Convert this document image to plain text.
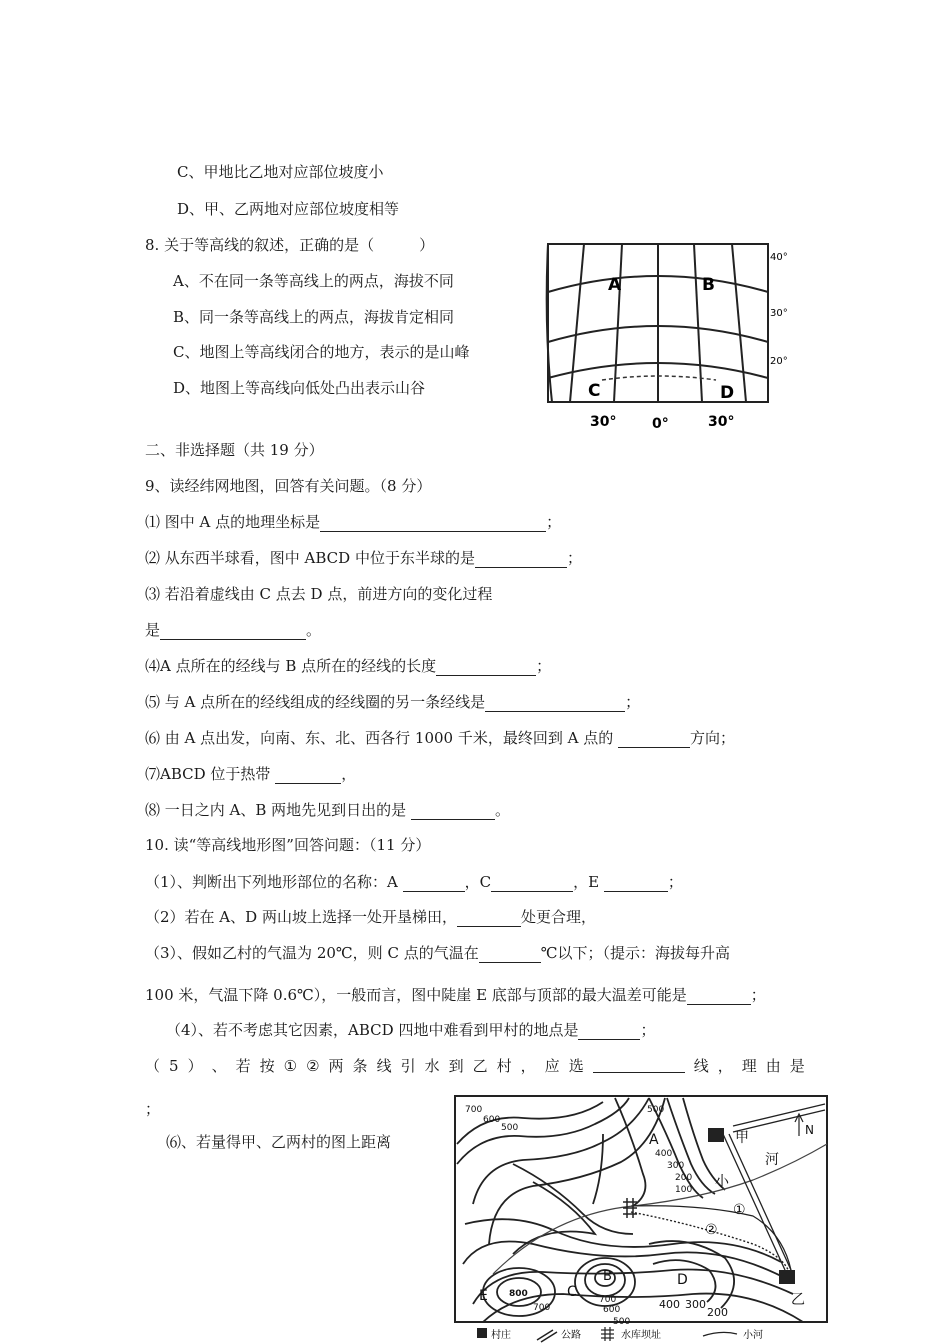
C、甲地比乙地对应部位坡度小
D、甲、乙两地对应部位坡度相等
8. 关于等高线的叙述，正确的是（　　　）
A、不在同一条等高线上的两点，海拔不同
B、同一条等高线上的两点，海拔肯定相同
C、地图上等高线闭合的地方，表示的是山峰
D、地图上等高线向低处凸出表示山谷
A	B
C	D
40°
30°
20°
30°	0°	30°
二、非选择题（共 19 分）
9、读经纬网地图，回答有关问题。（8 分）
⑴ 图中 A 点的地理坐标是	；
⑵ 从东西半球看，图中 ABCD 中位于东半球的是	；
⑶ 若沿着虚线由 C 点去 D 点，前进方向的变化过程
是	。
⑷A 点所在的经线与 B 点所在的经线的长度	；
⑸ 与 A 点所在的经线组成的经线圈的另一条经线是	；
⑹ 由 A 点出发，向南、东、北、西各行 1000 千米，最终回到 A 点的	方向；
⑺ABCD 位于热带	，
⑻ 一日之内 A、B 两地先见到日出的是	。
10. 读“等高线地形图”回答问题：（11 分）
（1）、判断出下列地形部位的名称：A	，C	，E	；
（2）若在 A、D 两山坡上选择一处开垦梯田，	处更合理，
（3）、假如乙村的气温为 20℃，则 C 点的气温在	℃以下；（提示：海拔每升高
100 米，气温下降 0.6℃），一般而言，图中陡崖 E 底部与顶部的最大温差可能是	；
（4）、若不考虑其它因素，ABCD 四地中难看到甲村的地点是	；
（ 5 ） 、 若 按 ① ② 两 条 线 引 水 到 乙 村 ， 应 选	线 ， 理 由 是
；
⑹、若量得甲、乙两村的图上距离
700
600
500
500
400
300
200
100
800
700
700
600
500
400 300
200
A
B
C
D
E
甲
乙
河
小
N
①
②
村庄	公路	水库坝址	小河
